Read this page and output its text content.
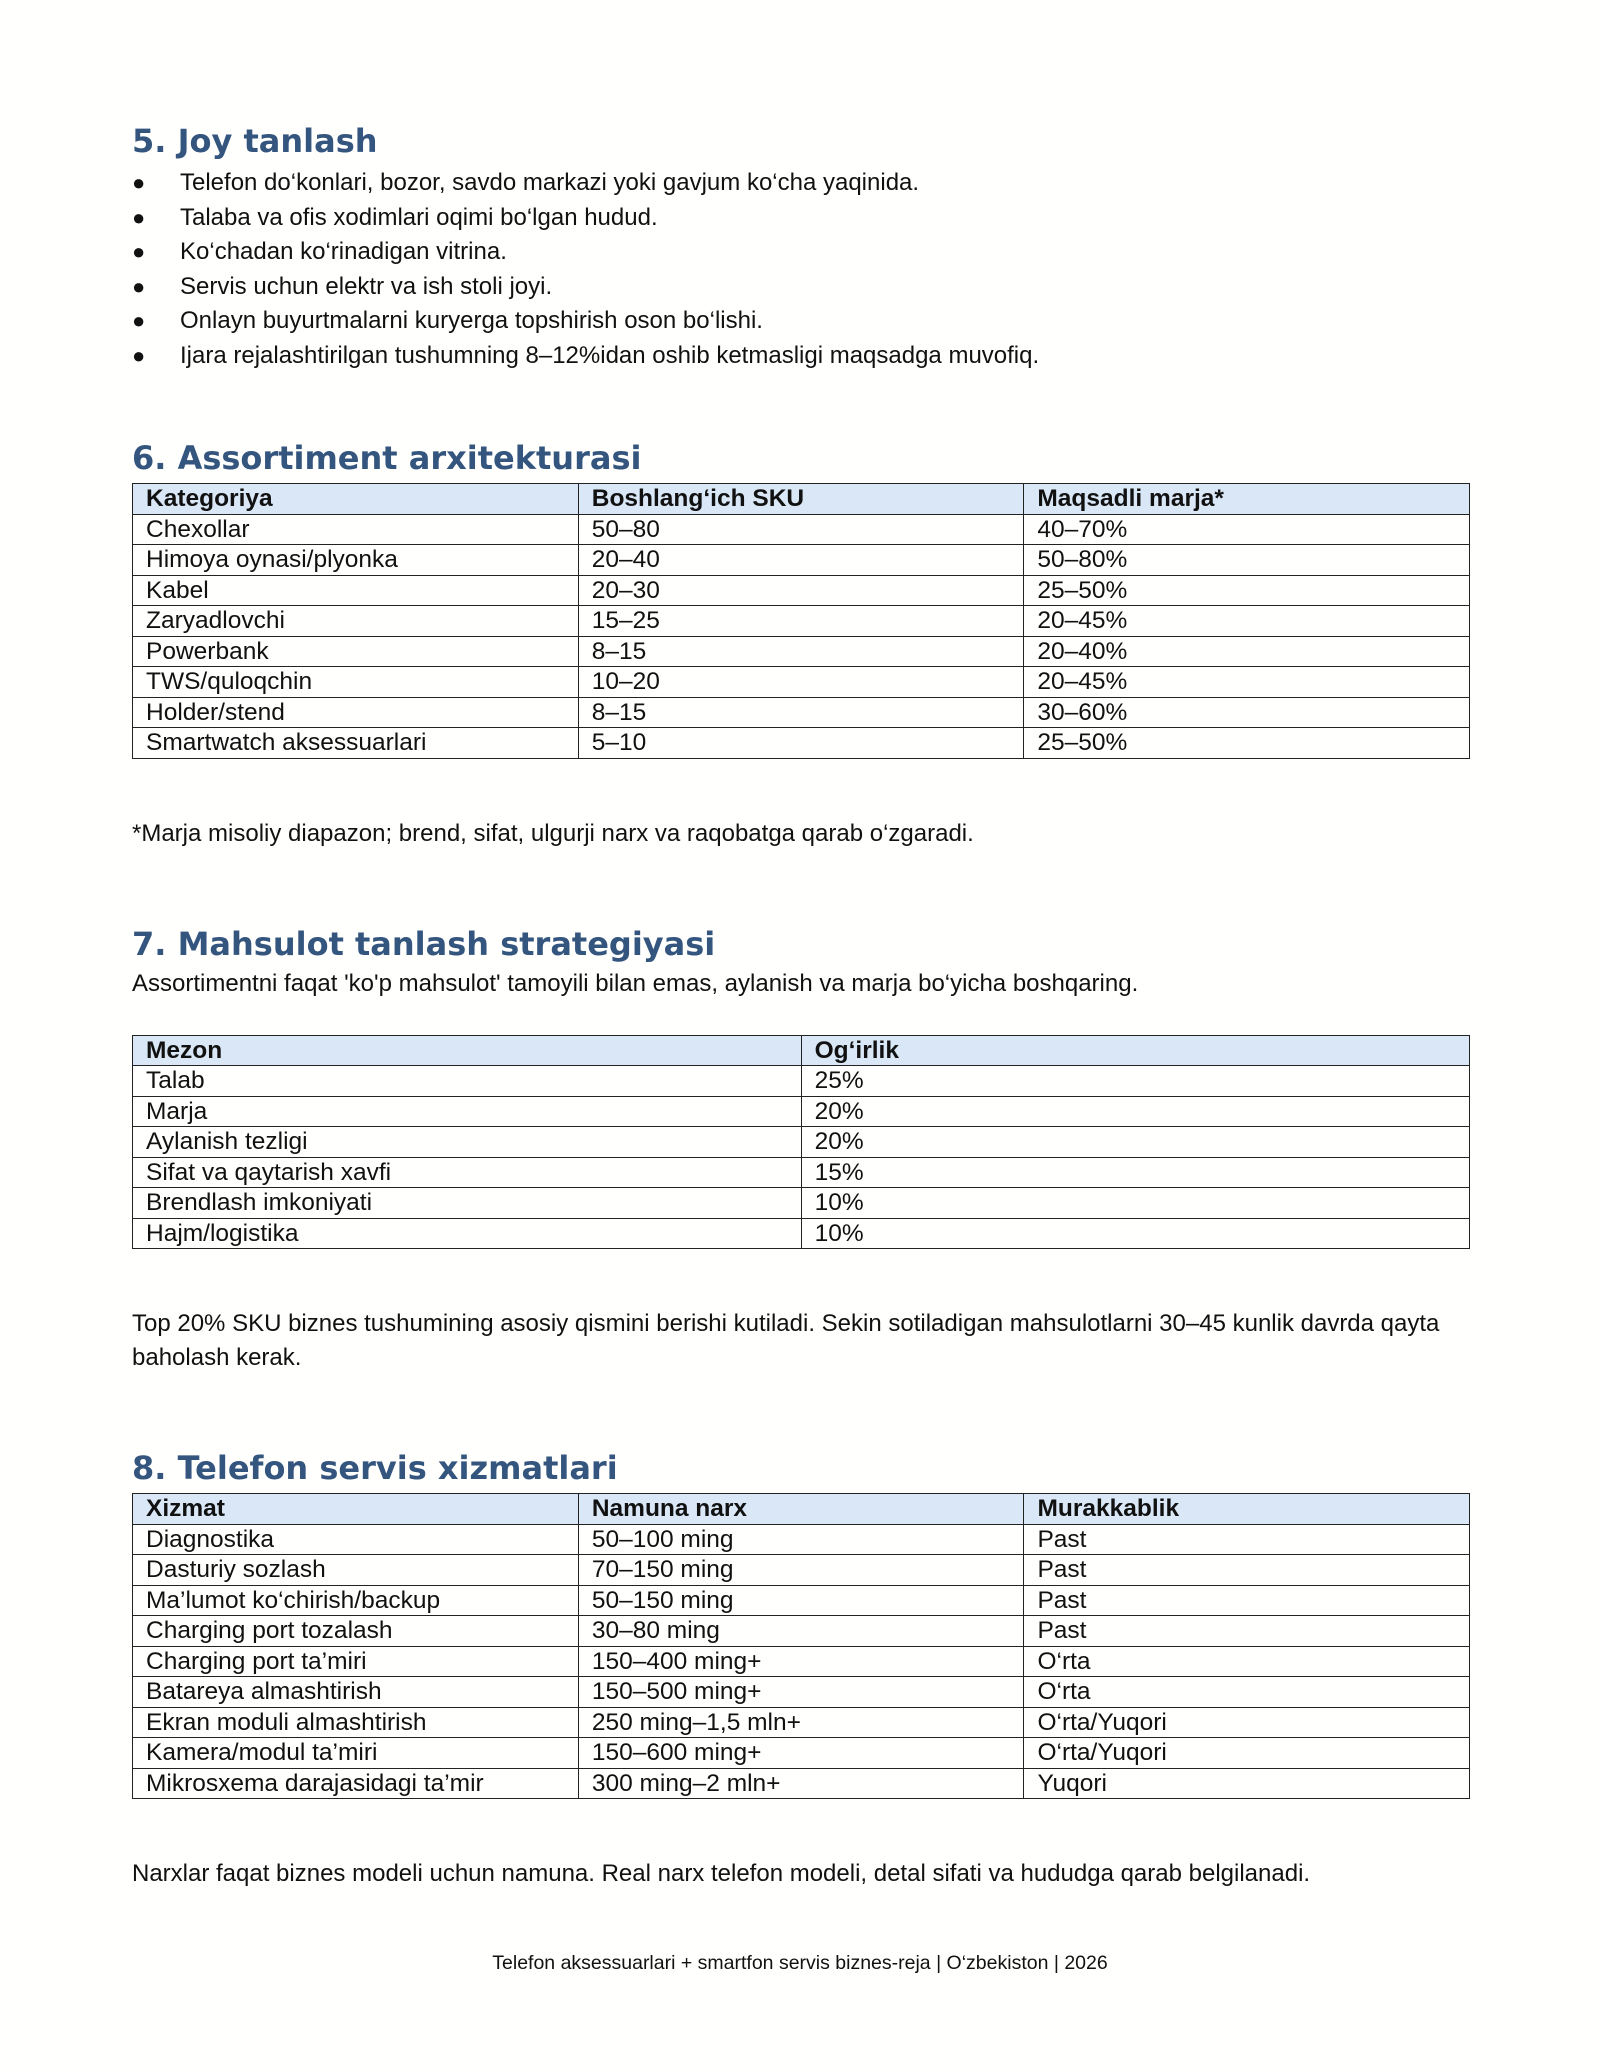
5. Joy tanlash
● Telefon do‘konlari, bozor, savdo markazi yoki gavjum ko‘cha yaqinida.
● Talaba va ofis xodimlari oqimi bo‘lgan hudud.
● Ko‘chadan ko‘rinadigan vitrina.
● Servis uchun elektr va ish stoli joyi.
● Onlayn buyurtmalarni kuryerga topshirish oson bo‘lishi.
● Ijara rejalashtirilgan tushumning 8–12%idan oshib ketmasligi maqsadga muvofiq.
6. Assortiment arxitekturasi
Kategoriya	Boshlang‘ich SKU	Maqsadli marja*
Chexollar	50–80	40–70%
Himoya oynasi/plyonka	20–40	50–80%
Kabel	20–30	25–50%
Zaryadlovchi	15–25	20–45%
Powerbank	8–15	20–40%
TWS/quloqchin	10–20	20–45%
Holder/stend	8–15	30–60%
Smartwatch aksessuarlari	5–10	25–50%

*Marja misoliy diapazon; brend, sifat, ulgurji narx va raqobatga qarab o‘zgaradi.

7. Mahsulot tanlash strategiyasi

Assortimentni faqat 'ko'p mahsulot' tamoyili bilan emas, aylanish va marja bo‘yicha boshqaring.

Mezon	Og‘irlik
Talab	25%
Marja	20%
Aylanish tezligi	20%
Sifat va qaytarish xavfi	15%
Brendlash imkoniyati	10%
Hajm/logistika	10%

Top 20% SKU biznes tushumining asosiy qismini berishi kutiladi. Sekin sotiladigan mahsulotlarni 30–45 kunlik davrda qayta baholash kerak.

8. Telefon servis xizmatlari
Xizmat	Namuna narx	Murakkablik
Diagnostika	50–100 ming	Past
Dasturiy sozlash	70–150 ming	Past
Ma’lumot ko‘chirish/backup	50–150 ming	Past
Charging port tozalash	30–80 ming	Past
Charging port ta’miri	150–400 ming+	O‘rta
Batareya almashtirish	150–500 ming+	O‘rta
Ekran moduli almashtirish	250 ming–1,5 mln+	O‘rta/Yuqori
Kamera/modul ta’miri	150–600 ming+	O‘rta/Yuqori
Mikrosxema darajasidagi ta’mir	300 ming–2 mln+	Yuqori

Narxlar faqat biznes modeli uchun namuna. Real narx telefon modeli, detal sifati va hududga qarab belgilanadi.

Telefon aksessuarlari + smartfon servis biznes-reja | O‘zbekiston | 2026
